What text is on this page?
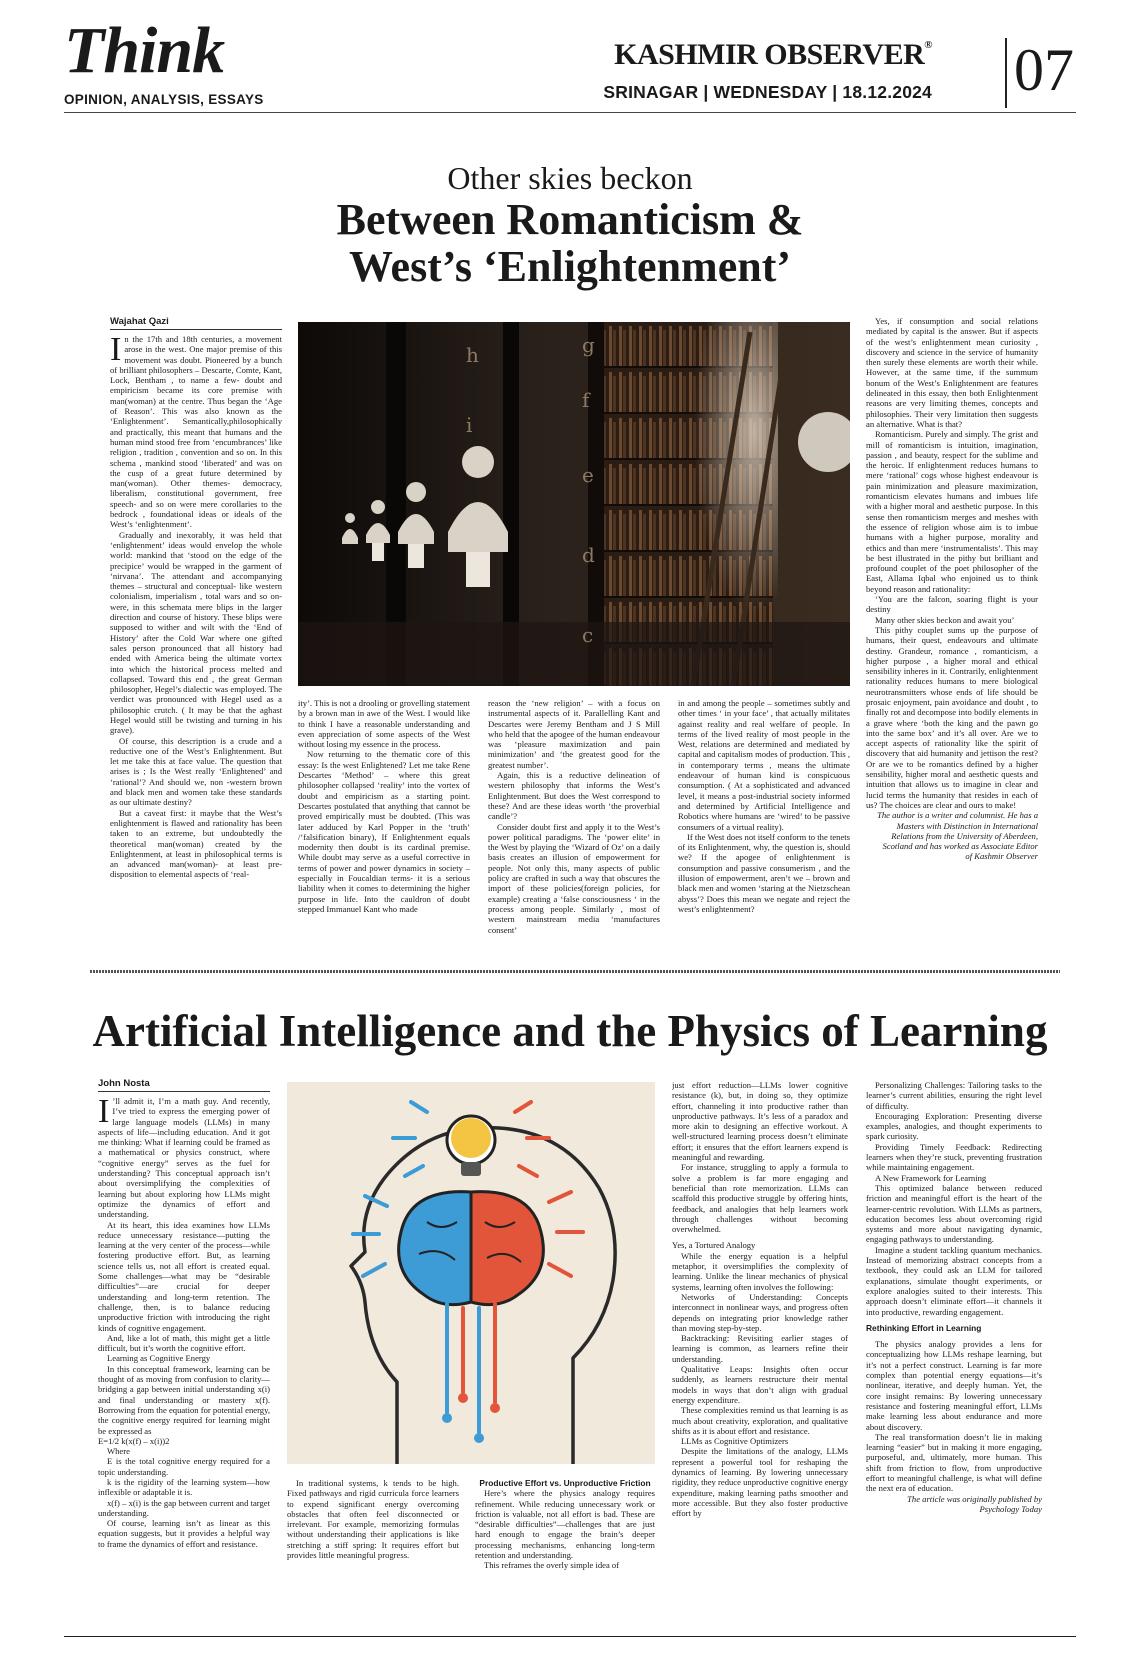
Think
OPINION, ANALYSIS, ESSAYS
KASHMIR OBSERVER®
SRINAGAR | WEDNESDAY | 18.12.2024 07
Other skies beckon
Between Romanticism &
West’s ‘Enlightenment’
Wajahat Qazi

In the 17th and 18th centuries, a movement arose in the west. One major premise of this movement was doubt. Pioneered by a bunch of brilliant philosophers – Descarte, Comte, Kant, Lock, Bentham , to name a few- doubt and empiricism became its core premise with man(woman) at the centre. Thus began the ‘Age of Reason’. This was also known as the ‘Enlightenment’. Semantically,philosophically and practically, this meant that humans and the human mind stood free from ‘encumbrances’ like religion , tradition , convention and so on. In this schema , mankind stood ‘liberated’ and was on the cusp of a great future determined by man(woman). Other themes- democracy, liberalism, constitutional government, free speech- and so on were mere corollaries to the bedrock , foundational ideas or ideals of the West’s ‘enlightenment’.

Gradually and inexorably, it was held that ‘enlightenment’ ideas would envelop the whole world: mankind that ‘stood on the edge of the precipice’ would be wrapped in the garment of ‘nirvana’. The attendant and accompanying themes – structural and conceptual- like western colonialism, imperialism , total wars and so on- were, in this schemata mere blips in the larger direction and course of history. These blips were supposed to wither and wilt with the ‘End of History’ after the Cold War where one gifted sales person pronounced that all history had ended with America being the ultimate vortex into which the historical process melted and collapsed. Toward this end , the great German philosopher, Hegel’s dialectic was employed. The verdict was pronounced with Hegel used as a philosophic crutch. ( It may be that the aghast Hegel would still be twisting and turning in his grave).

Of course, this description is a crude and a reductive one of the West’s Enlightenment. But let me take this at face value. The question that arises is ; Is the West really ‘Enlightened’ and ‘rational’? And should we, non -western brown and black men and women take these standards as our ultimate destiny?

But a caveat first: it maybe that the West’s enlightenment is flawed and rationality has been taken to an extreme, but undoubtedly the theoretical man(woman) created by the Enlightenment, at least in philosophical terms is an advanced man(woman)- at least pre-disposition to elemental aspects of ‘real-

g
f
e
d
c
h
i

ity’. This is not a drooling or grovelling statement by a brown man in awe of the West. I would like to think I have a reasonable understanding and even appreciation of some aspects of the West without losing my essence in the process.

Now returning to the thematic core of this essay: Is the west Enlightened? Let me take Rene Descartes ‘Method’ – where this great philosopher collapsed ‘reality’ into the vortex of doubt and empiricism as a starting point. Descartes postulated that anything that cannot be proved empirically must be doubted. (This was later adduced by Karl Popper in the ‘truth’ /‘falsification binary), If Enlightenment equals modernity then doubt is its cardinal premise. While doubt may serve as a useful corrective in terms of power and power dynamics in society – especially in Foucaldian terms- it is a serious liability when it comes to determining the higher purpose in life. Into the cauldron of doubt stepped Immanuel Kant who made

reason the ‘new religion’ – with a focus on instrumental aspects of it. Parallelling Kant and Descartes were Jeremy Bentham and J S Mill who held that the apogee of the human endeavour was ‘pleasure maximization and pain minimization’ and ‘the greatest good for the greatest number’.

Again, this is a reductive delineation of western philosophy that informs the West’s Enlightenment. But does the West correspond to these? And are these ideas worth ‘the proverbial candle’?

Consider doubt first and apply it to the West’s power political paradigms. The ‘power elite’ in the West by playing the ‘Wizard of Oz’ on a daily basis creates an illusion of empowerment for people. Not only this, many aspects of public policy are crafted in such a way that obscures the import of these policies(foreign policies, for example) creating a ‘false consciousness ‘ in the process among people. Similarly , most of western mainstream media ‘manufactures consent’

in and among the people – sometimes subtly and other times ‘ in your face’ , that actually militates against reality and real welfare of people. In terms of the lived reality of most people in the West, relations are determined and mediated by capital and capitalism modes of production. This , in contemporary terms , means the ultimate endeavour of human kind is conspicuous consumption. ( At a sophisticated and advanced level, it means a post-industrial society informed and determined by Artificial Intelligence and Robotics where humans are ‘wired’ to be passive consumers of a virtual reality).

If the West does not itself conform to the tenets of its Enlightenment, why, the question is, should we? If the apogee of enlightenment is consumption and passive consumerism , and the illusion of empowerment, aren’t we – brown and black men and women ‘staring at the Nietzschean abyss’? Does this mean we negate and reject the west’s enlightenment?

Yes, if consumption and social relations mediated by capital is the answer. But if aspects of the west’s enlightenment mean curiosity , discovery and science in the service of humanity then surely these elements are worth their while. However, at the same time, if the summum bonum of the West’s Enlightenment are features delineated in this essay, then both Enlightenment reasons are very limiting themes, concepts and philosophies. Their very limitation then suggests an alternative. What is that?

Romanticism. Purely and simply. The grist and mill of romanticism is intuition, imagination, passion , and beauty, respect for the sublime and the heroic. If enlightenment reduces humans to mere ‘rational’ cogs whose highest endeavour is pain minimization and pleasure maximization, romanticism elevates humans and imbues life with a higher moral and aesthetic purpose. In this sense then romanticism merges and meshes with the essence of religion whose aim is to imbue humans with a higher purpose, morality and ethics and than mere ‘instrumentalists’. This may be best illustrated in the pithy but brilliant and profound couplet of the poet philosopher of the East, Allama Iqbal who enjoined us to think beyond reason and rationality:

‘You are the falcon, soaring flight is your destiny

Many other skies beckon and await you’

This pithy couplet sums up the purpose of humans, their quest, endeavours and ultimate destiny. Grandeur, romance , romanticism, a higher purpose , a higher moral and ethical sensibility inheres in it. Contrarily, enlightenment rationality reduces humans to mere biological neurotransmitters whose ends of life should be prosaic enjoyment, pain avoidance and doubt , to finally rot and decompose into bodily elements in a grave where ‘both the king and the pawn go into the same box’ and it’s all over. Are we to accept aspects of rationality like the spirit of discovery that aid humanity and jettison the rest? Or are we to be romantics defined by a higher sensibility, higher moral and aesthetic quests and intuition that allows us to imagine in clear and lucid terms the humanity that resides in each of us? The choices are clear and ours to make!

The author is a writer and columnist. He has a Masters with Distinction in International Relations from the University of Aberdeen, Scotland and has worked as Associate Editor

of Kashmir Observer

Artificial Intelligence and the Physics of Learning
John Nosta

I ’ll admit it, I’m a math guy. And recently, I’ve tried to express the emerging power of large language models (LLMs) in many aspects of life—including education. And it got me thinking: What if learning could be framed as a mathematical or physics construct, where “cognitive energy” serves as the fuel for understanding? This conceptual approach isn’t about oversimplifying the complexities of learning but about exploring how LLMs might optimize the dynamics of effort and understanding.

At its heart, this idea examines how LLMs reduce unnecessary resistance—putting the learning at the very center of the process—while fostering productive effort. But, as learning science tells us, not all effort is created equal. Some challenges—what may be “desirable difficulties”—are crucial for deeper understanding and long-term retention. The challenge, then, is to balance reducing unproductive friction with introducing the right kinds of cognitive engagement.

And, like a lot of math, this might get a little difficult, but it’s worth the cognitive effort.

Learning as Cognitive Energy

In this conceptual framework, learning can be thought of as moving from confusion to clarity—bridging a gap between initial understanding x(i) and final understanding or mastery x(f). Borrowing from the equation for potential energy, the cognitive energy required for learning might be expressed as

E=1/2 k(x(f) – x(i))2

Where

E is the total cognitive energy required for a topic understanding.

k is the rigidity of the learning system—how inflexible or adaptable it is.

x(f) – x(i) is the gap between current and target understanding.

Of course, learning isn’t as linear as this equation suggests, but it provides a helpful way to frame the dynamics of effort and resistance.

In traditional systems, k tends to be high. Fixed pathways and rigid curricula force learners to expend significant energy overcoming obstacles that often feel disconnected or irrelevant. For example, memorizing formulas without understanding their applications is like stretching a stiff spring: It requires effort but provides little meaningful progress.

Productive Effort vs. Unproductive Friction

Here’s where the physics analogy requires refinement. While reducing unnecessary work or friction is valuable, not all effort is bad. These are “desirable difficulties”—challenges that are just hard enough to engage the brain’s deeper processing mechanisms, enhancing long-term retention and understanding.

This reframes the overly simple idea of

just effort reduction—LLMs lower cognitive resistance (k), but, in doing so, they optimize effort, channeling it into productive rather than unproductive pathways. It’s less of a paradox and more akin to designing an effective workout. A well-structured learning process doesn’t eliminate effort; it ensures that the effort learners expend is meaningful and rewarding.

For instance, struggling to apply a formula to solve a problem is far more engaging and beneficial than rote memorization. LLMs can scaffold this productive struggle by offering hints, feedback, and analogies that help learners work through challenges without becoming overwhelmed.

Yes, a Tortured Analogy

While the energy equation is a helpful metaphor, it oversimplifies the complexity of learning. Unlike the linear mechanics of physical systems, learning often involves the following:

Networks of Understanding: Concepts interconnect in nonlinear ways, and progress often depends on integrating prior knowledge rather than moving step-by-step.

Backtracking: Revisiting earlier stages of learning is common, as learners refine their understanding.

Qualitative Leaps: Insights often occur suddenly, as learners restructure their mental models in ways that don’t align with gradual energy expenditure.

These complexities remind us that learning is as much about creativity, exploration, and qualitative shifts as it is about effort and resistance.

LLMs as Cognitive Optimizers

Despite the limitations of the analogy, LLMs represent a powerful tool for reshaping the dynamics of learning. By lowering unnecessary rigidity, they reduce unproductive cognitive energy expenditure, making learning paths smoother and more accessible. But they also foster productive effort by

Personalizing Challenges: Tailoring tasks to the learner’s current abilities, ensuring the right level of difficulty.

Encouraging Exploration: Presenting diverse examples, analogies, and thought experiments to spark curiosity.

Providing Timely Feedback: Redirecting learners when they’re stuck, preventing frustration while maintaining engagement.

A New Framework for Learning

This optimized balance between reduced friction and meaningful effort is the heart of the learner-centric revolution. With LLMs as partners, education becomes less about overcoming rigid systems and more about navigating dynamic, engaging pathways to understanding.

Imagine a student tackling quantum mechanics. Instead of memorizing abstract concepts from a textbook, they could ask an LLM for tailored explanations, simulate thought experiments, or explore analogies suited to their interests. This approach doesn’t eliminate effort—it channels it into productive, rewarding engagement.

Rethinking Effort in Learning

The physics analogy provides a lens for conceptualizing how LLMs reshape learning, but it’s not a perfect construct. Learning is far more complex than potential energy equations—it’s nonlinear, iterative, and deeply human. Yet, the core insight remains: By lowering unnecessary resistance and fostering meaningful effort, LLMs make learning less about endurance and more about discovery.

The real transformation doesn’t lie in making learning “easier” but in making it more engaging, purposeful, and, ultimately, more human. This shift from friction to flow, from unproductive effort to meaningful challenge, is what will define the next era of education.

The article was originally published by

Psychology Today
